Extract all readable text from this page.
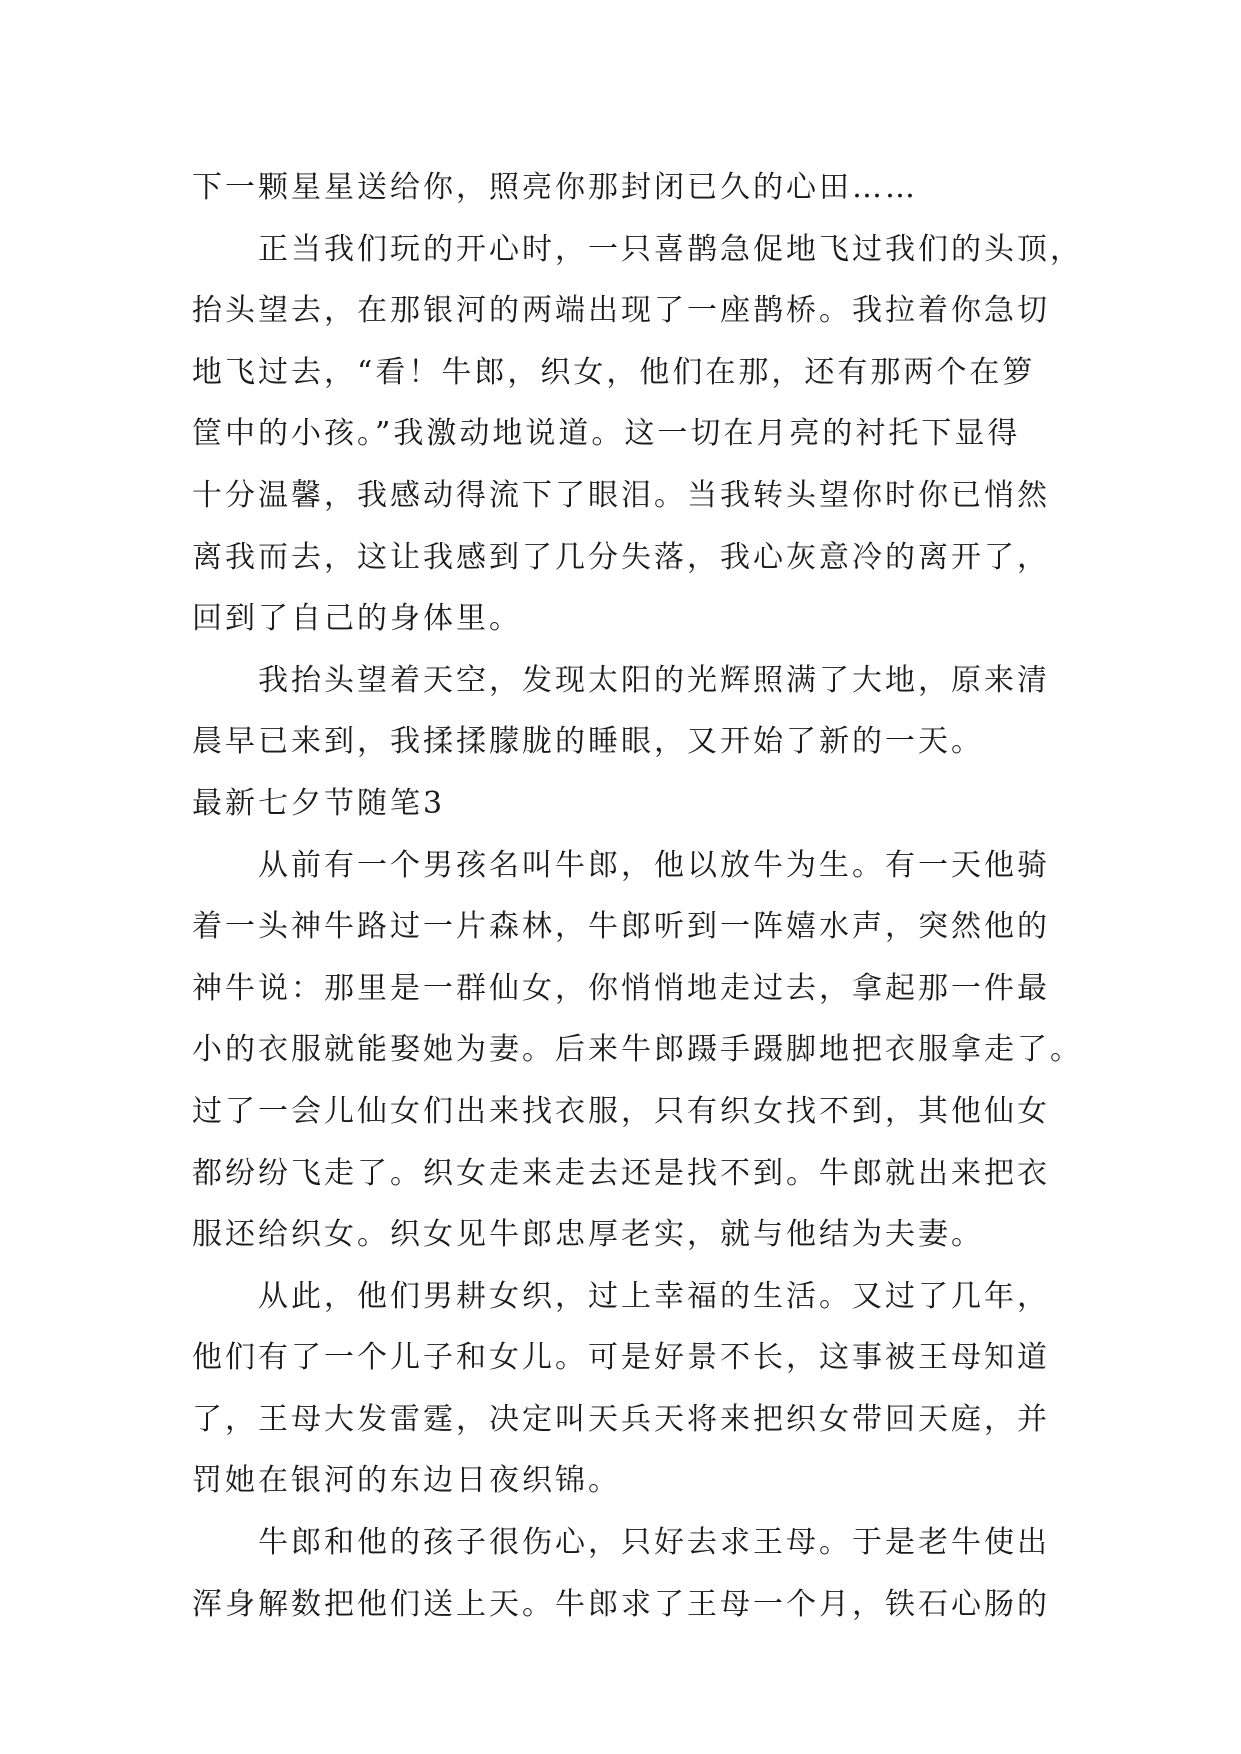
下一颗星星送给你，照亮你那封闭已久的心田……
正当我们玩的开心时，一只喜鹊急促地飞过我们的头顶，
抬头望去，在那银河的两端出现了一座鹊桥。我拉着你急切
地飞过去，“看！牛郎，织女，他们在那，还有那两个在箩
筐中的小孩。”我激动地说道。这一切在月亮的衬托下显得
十分温馨，我感动得流下了眼泪。当我转头望你时你已悄然
离我而去，这让我感到了几分失落，我心灰意冷的离开了，
回到了自己的身体里。
我抬头望着天空，发现太阳的光辉照满了大地，原来清
晨早已来到，我揉揉朦胧的睡眼，又开始了新的一天。
最新七夕节随笔3
从前有一个男孩名叫牛郎，他以放牛为生。有一天他骑
着一头神牛路过一片森林，牛郎听到一阵嬉水声，突然他的
神牛说：那里是一群仙女，你悄悄地走过去，拿起那一件最
小的衣服就能娶她为妻。后来牛郎蹑手蹑脚地把衣服拿走了。
过了一会儿仙女们出来找衣服，只有织女找不到，其他仙女
都纷纷飞走了。织女走来走去还是找不到。牛郎就出来把衣
服还给织女。织女见牛郎忠厚老实，就与他结为夫妻。
从此，他们男耕女织，过上幸福的生活。又过了几年，
他们有了一个儿子和女儿。可是好景不长，这事被王母知道
了，王母大发雷霆，决定叫天兵天将来把织女带回天庭，并
罚她在银河的东边日夜织锦。
牛郎和他的孩子很伤心，只好去求王母。于是老牛使出
浑身解数把他们送上天。牛郎求了王母一个月，铁石心肠的
